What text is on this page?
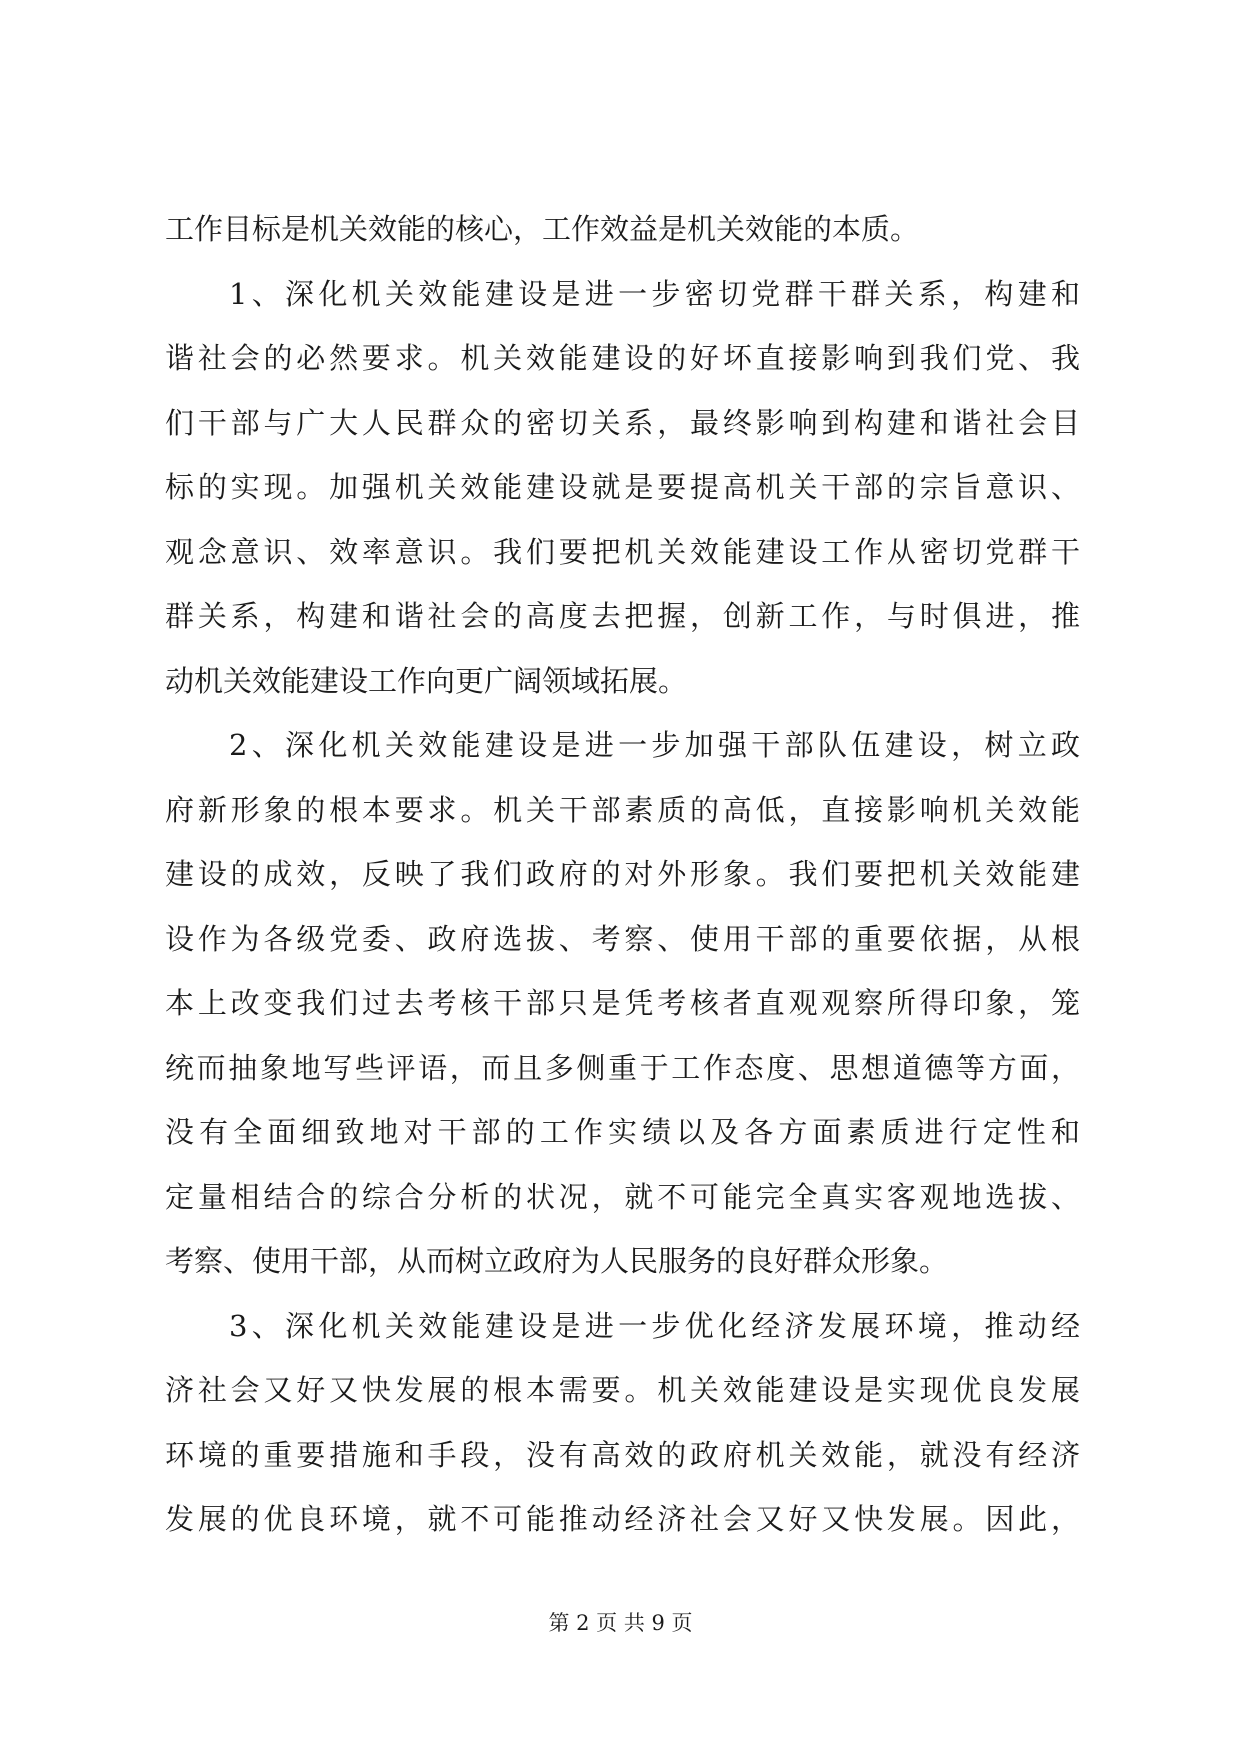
工作目标是机关效能的核心，工作效益是机关效能的本质。
1、深化机关效能建设是进一步密切党群干群关系，构建和
谐社会的必然要求。机关效能建设的好坏直接影响到我们党、我
们干部与广大人民群众的密切关系，最终影响到构建和谐社会目
标的实现。加强机关效能建设就是要提高机关干部的宗旨意识、
观念意识、效率意识。我们要把机关效能建设工作从密切党群干
群关系，构建和谐社会的高度去把握，创新工作，与时俱进，推
动机关效能建设工作向更广阔领域拓展。
2、深化机关效能建设是进一步加强干部队伍建设，树立政
府新形象的根本要求。机关干部素质的高低，直接影响机关效能
建设的成效，反映了我们政府的对外形象。我们要把机关效能建
设作为各级党委、政府选拔、考察、使用干部的重要依据，从根
本上改变我们过去考核干部只是凭考核者直观观察所得印象，笼
统而抽象地写些评语，而且多侧重于工作态度、思想道德等方面，
没有全面细致地对干部的工作实绩以及各方面素质进行定性和
定量相结合的综合分析的状况，就不可能完全真实客观地选拔、
考察、使用干部，从而树立政府为人民服务的良好群众形象。
3、深化机关效能建设是进一步优化经济发展环境，推动经
济社会又好又快发展的根本需要。机关效能建设是实现优良发展
环境的重要措施和手段，没有高效的政府机关效能，就没有经济
发展的优良环境，就不可能推动经济社会又好又快发展。因此，
第 2 页 共 9 页
